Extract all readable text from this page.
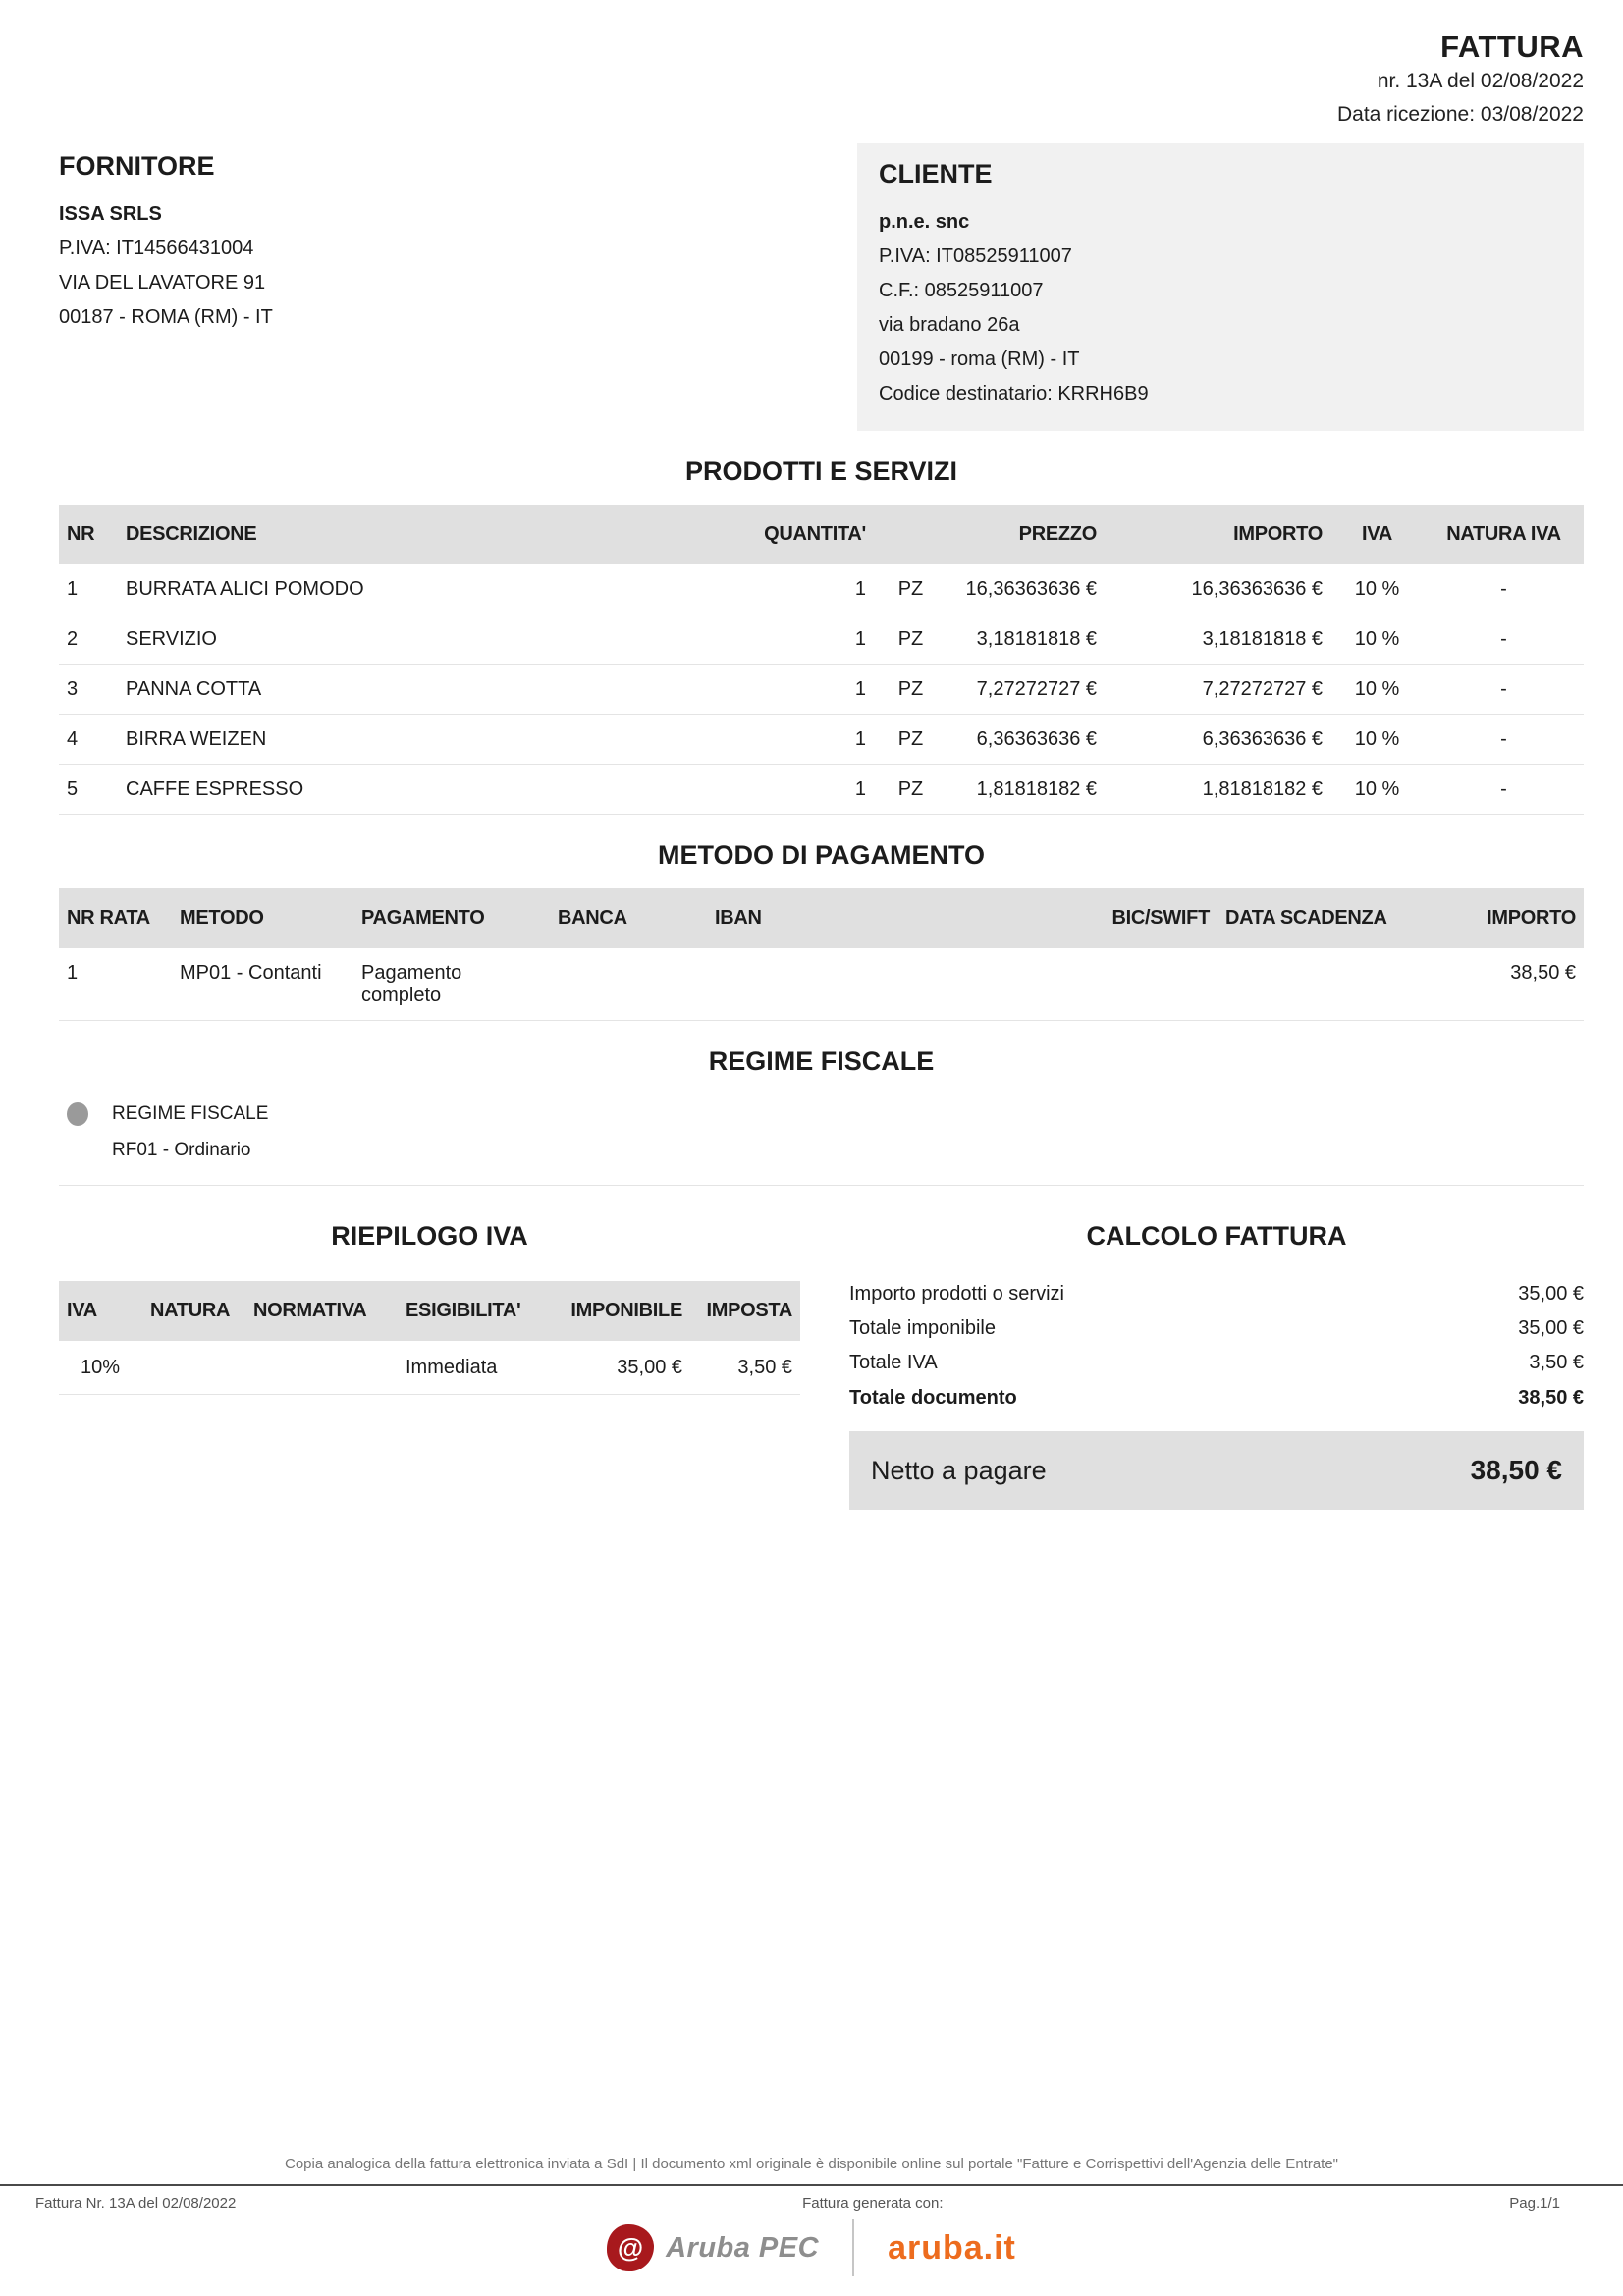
FATTURA
nr. 13A del 02/08/2022
Data ricezione: 03/08/2022
FORNITORE
ISSA SRLS
P.IVA: IT14566431004
VIA DEL LAVATORE 91
00187 - ROMA (RM) - IT
CLIENTE
p.n.e. snc
P.IVA: IT08525911007
C.F.: 08525911007
via bradano 26a
00199 - roma (RM) - IT
Codice destinatario: KRRH6B9
PRODOTTI E SERVIZI
NR	DESCRIZIONE	QUANTITA'		PREZZO	IMPORTO	IVA	NATURA IVA
1	BURRATA ALICI POMODO	1	PZ	16,36363636 €	16,36363636 €	10 %	-
2	SERVIZIO	1	PZ	3,18181818 €	3,18181818 €	10 %	-
3	PANNA COTTA	1	PZ	7,27272727 €	7,27272727 €	10 %	-
4	BIRRA WEIZEN	1	PZ	6,36363636 €	6,36363636 €	10 %	-
5	CAFFE ESPRESSO	1	PZ	1,81818182 €	1,81818182 €	10 %	-
METODO DI PAGAMENTO
NR RATA	METODO	PAGAMENTO	BANCA	IBAN	BIC/SWIFT	DATA SCADENZA	IMPORTO
1	MP01 - Contanti	Pagamento completo					38,50 €
REGIME FISCALE
REGIME FISCALE
RF01 - Ordinario
RIEPILOGO IVA
IVA	NATURA	NORMATIVA	ESIGIBILITA'	IMPONIBILE	IMPOSTA
10%			Immediata	35,00 €	3,50 €
CALCOLO FATTURA
Importo prodotti o servizi	35,00 €
Totale imponibile	35,00 €
Totale IVA	3,50 €
Totale documento	38,50 €
Netto a pagare	38,50 €
Copia analogica della fattura elettronica inviata a SdI | Il documento xml originale è disponibile online sul portale "Fatture e Corrispettivi dell'Agenzia delle Entrate"
Fattura Nr. 13A del 02/08/2022	Fattura generata con:	Pag.1/1
@ Aruba PEC aruba.it
